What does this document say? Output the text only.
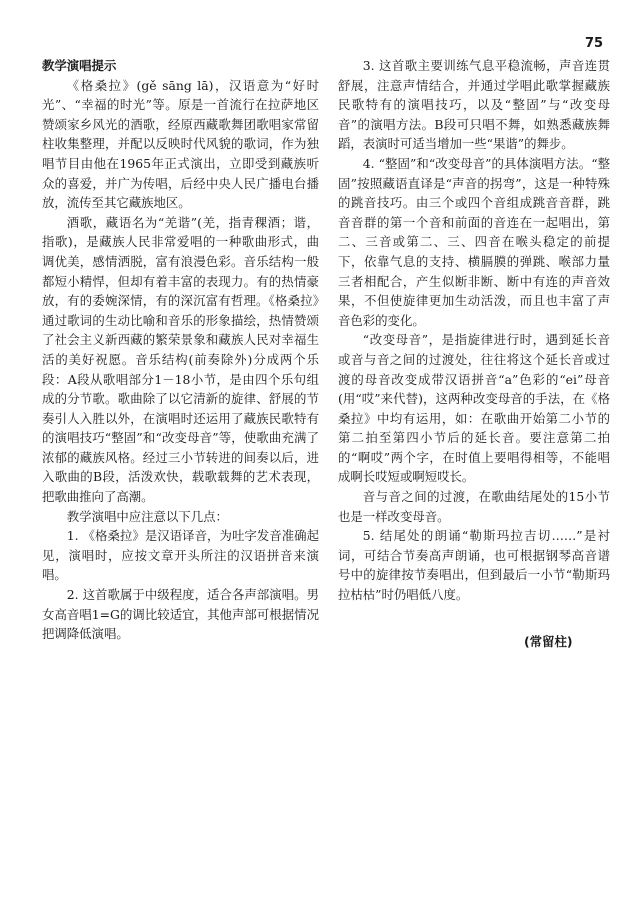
75
教学演唱提示

《格桑拉》(gě sāng lā)，汉语意为“好时光”、“幸福的时光”等。原是一首流行在拉萨地区赞颂家乡风光的酒歌，经原西藏歌舞团歌唱家常留柱收集整理，并配以反映时代风貌的歌词，作为独唱节目由他在1965年正式演出，立即受到藏族听众的喜爱，并广为传唱，后经中央人民广播电台播放，流传至其它藏族地区。

酒歌，藏语名为“羌谐”(羌，指青稞酒；谐，指歌)，是藏族人民非常爱唱的一种歌曲形式，曲调优美，感情洒脱，富有浪漫色彩。音乐结构一般都短小精悍，但却有着丰富的表现力。有的热情豪放，有的委婉深情，有的深沉富有哲理。《格桑拉》通过歌词的生动比喻和音乐的形象描绘，热情赞颂了社会主义新西藏的繁荣景象和藏族人民对幸福生活的美好祝愿。音乐结构(前奏除外)分成两个乐段：A段从歌唱部分1－18小节，是由四个乐句组成的分节歌。歌曲除了以它清新的旋律、舒展的节奏引人入胜以外，在演唱时还运用了藏族民歌特有的演唱技巧“整固”和“改变母音”等，使歌曲充满了浓郁的藏族风格。经过三小节转进的间奏以后，进入歌曲的B段，活泼欢快，载歌载舞的艺术表现，把歌曲推向了高潮。

教学演唱中应注意以下几点：

1. 《格桑拉》是汉语译音，为吐字发音准确起见，演唱时，应按文章开头所注的汉语拼音来演唱。

2. 这首歌属于中级程度，适合各声部演唱。男女高音唱1=G的调比较适宜，其他声部可根据情况把调降低演唱。

3. 这首歌主要训练气息平稳流畅，声音连贯舒展，注意声情结合，并通过学唱此歌掌握藏族民歌特有的演唱技巧，以及“整固”与“改变母音”的演唱方法。B段可只唱不舞，如熟悉藏族舞蹈，表演时可适当增加一些“果谐”的舞步。

4. “整固”和“改变母音”的具体演唱方法。“整固”按照藏语直译是“声音的拐弯”，这是一种特殊的跳音技巧。由三个或四个音组成跳音音群，跳音音群的第一个音和前面的音连在一起唱出，第二、三音或第二、三、四音在喉头稳定的前提下，依靠气息的支持、横膈膜的弹跳、喉部力量三者相配合，产生似断非断、断中有连的声音效果，不但使旋律更加生动活泼，而且也丰富了声音色彩的变化。

“改变母音”，是指旋律进行时，遇到延长音或音与音之间的过渡处，往往将这个延长音或过渡的母音改变成带汉语拼音“a”色彩的“ei”母音(用“哎”来代替)，这两种改变母音的手法，在《格桑拉》中均有运用，如：在歌曲开始第二小节的第二拍至第四小节后的延长音。要注意第二拍的“啊哎”两个字，在时值上要唱得相等，不能唱成啊长哎短或啊短哎长。

音与音之间的过渡，在歌曲结尾处的15小节也是一样改变母音。

5. 结尾处的朗诵“勒斯玛拉吉切……”是衬词，可结合节奏高声朗诵，也可根据钢琴高音谱号中的旋律按节奏唱出，但到最后一小节“勒斯玛拉枯枯”时仍唱低八度。

(常留柱)
